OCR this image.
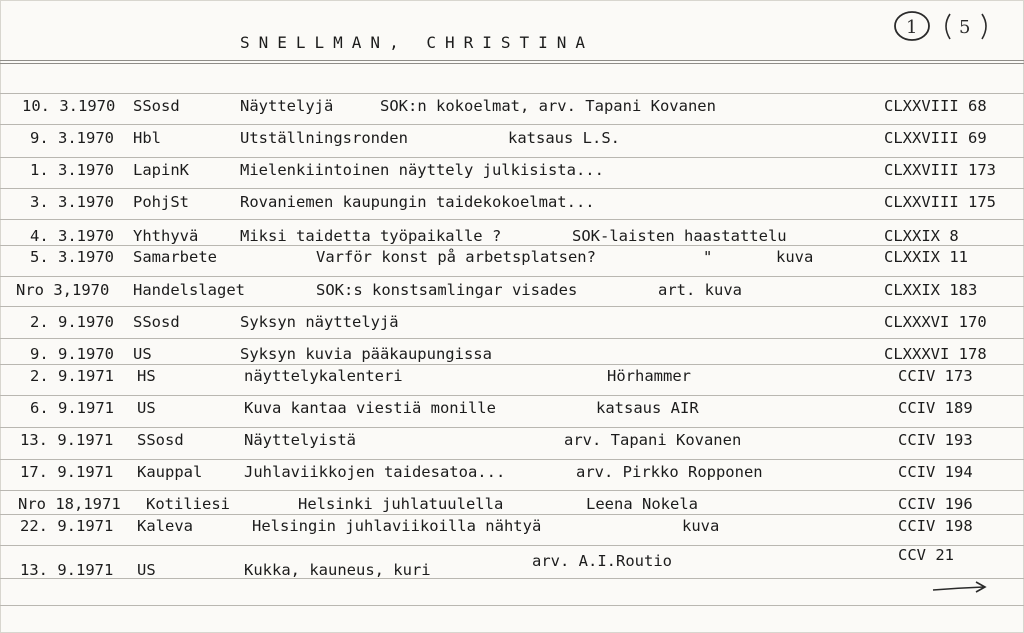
SNELLMAN, CHRISTINA
1 5
10. 3.1970 SSosd	Näyttelyjä	SOK:n kokoelmat, arv. Tapani Kovanen	CLXXVIII 68
9. 3.1970 Hbl	Utställningsronden	katsaus L.S.	CLXXVIII 69
1. 3.1970 LapinK	Mielenkiintoinen näyttely julkisista...	CLXXVIII 173
3. 3.1970 PohjSt	Rovaniemen kaupungin taidekokoelmat...	CLXXVIII 175
4. 3.1970 Yhthyvä	Miksi taidetta työpaikalle ?	SOK-laisten haastattelu	CLXXIX 8
5. 3.1970 Samarbete	Varför konst på arbetsplatsen?	"	kuva	CLXXIX 11
Nro 3,1970 Handelslaget	SOK:s konstsamlingar visades	art. kuva	CLXXIX 183
2. 9.1970 SSosd	Syksyn näyttelyjä	CLXXXVI 170
9. 9.1970 US	Syksyn kuvia pääkaupungissa	CLXXXVI 178
2. 9.1971 HS	näyttelykalenteri	Hörhammer	CCIV 173
6. 9.1971 US	Kuva kantaa viestiä monille	katsaus AIR	CCIV 189
13. 9.1971 SSosd	Näyttelyistä	arv. Tapani Kovanen	CCIV 193
17. 9.1971 Kauppal	Juhlaviikkojen taidesatoa...	arv. Pirkko Ropponen	CCIV 194
Nro 18,1971 Kotiliesi	Helsinki juhlatuulella	Leena Nokela	CCIV 196
22. 9.1971 Kaleva	Helsingin juhlaviikoilla nähtyä	kuva	CCIV 198
13. 9.1971 US	Kukka, kauneus, kuri	arv. A.I.Routio	CCV 21
